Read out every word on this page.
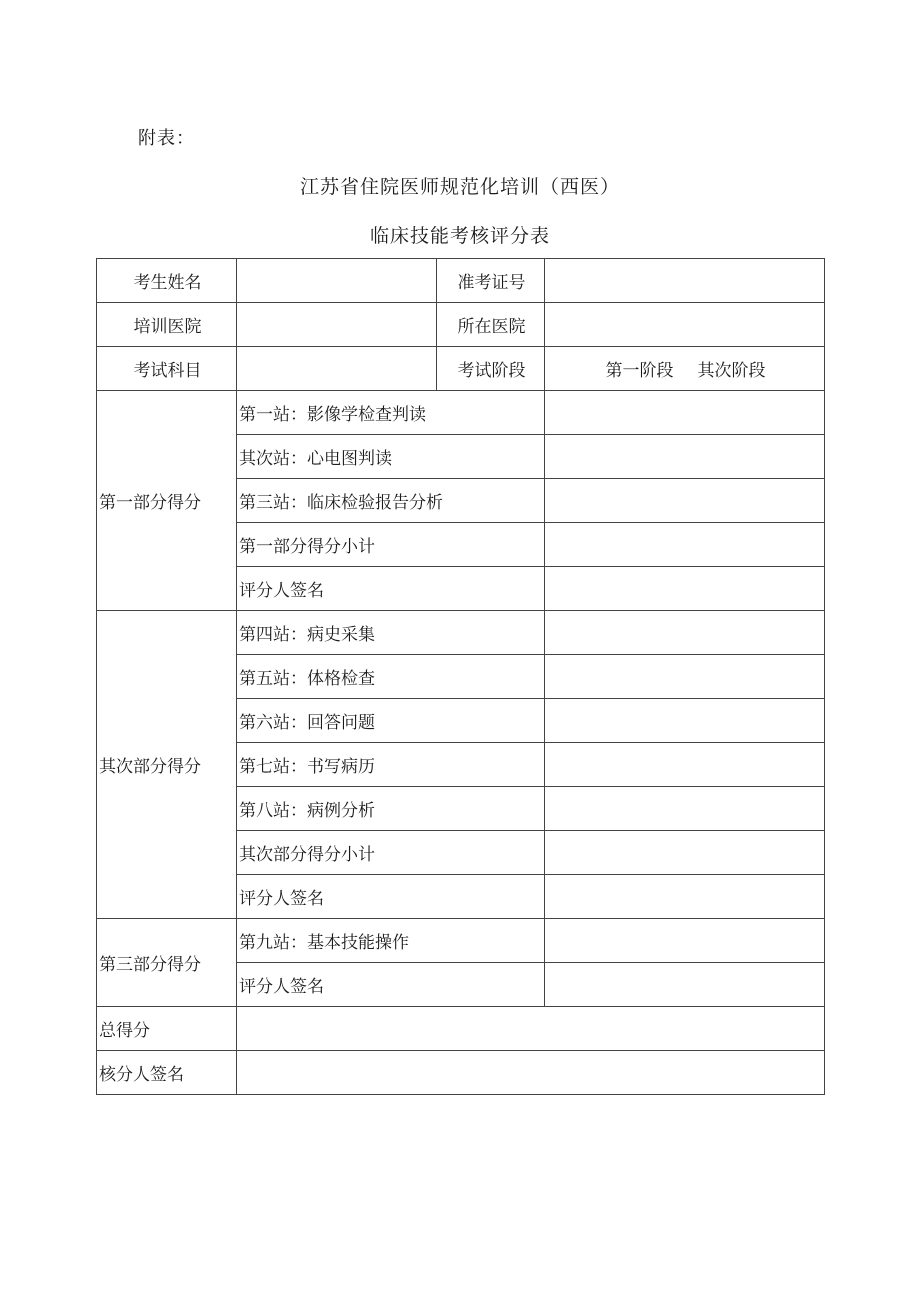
附表：
江苏省住院医师规范化培训（西医）
临床技能考核评分表
考生姓名		准考证号	
培训医院		所在医院	
考试科目		考试阶段	第一阶段 其次阶段
第一部分得分	第一站：影像学检查判读		
	其次站：心电图判读		
	第三站：临床检验报告分析		
	第一部分得分小计		
	评分人签名		
其次部分得分	第四站：病史采集		
	第五站：体格检查		
	第六站：回答问题		
	第七站：书写病历		
	第八站：病例分析		
	其次部分得分小计		
	评分人签名		
第三部分得分	第九站：基本技能操作		
	评分人签名		
总得分			
核分人签名			
